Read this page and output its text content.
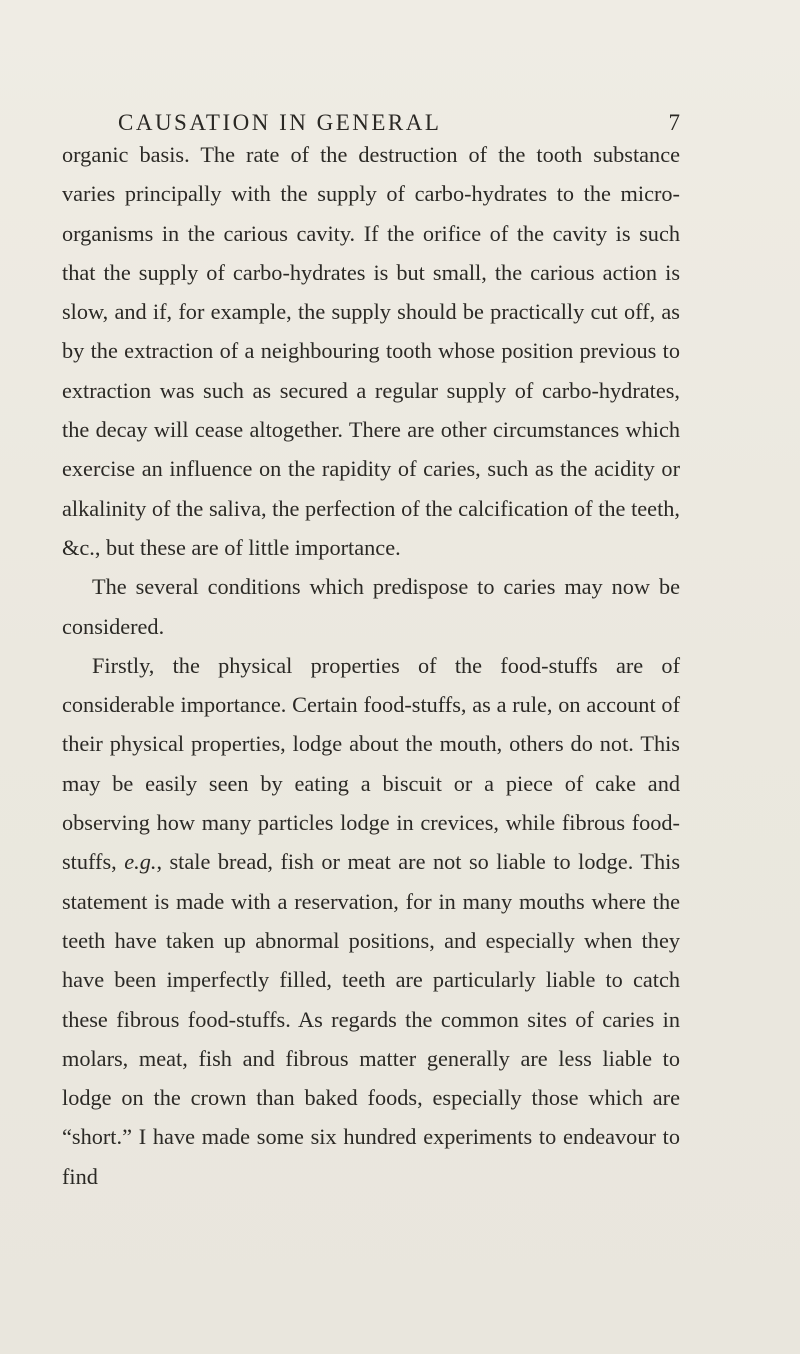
CAUSATION IN GENERAL	7

organic basis. The rate of the destruction of the tooth substance varies principally with the supply of carbo-hydrates to the micro-organisms in the carious cavity. If the orifice of the cavity is such that the supply of carbo-hydrates is but small, the carious action is slow, and if, for example, the supply should be practically cut off, as by the extraction of a neighbouring tooth whose position previous to extraction was such as secured a regular supply of carbo-hydrates, the decay will cease altogether. There are other circumstances which exercise an influence on the rapidity of caries, such as the acidity or alkalinity of the saliva, the perfection of the calcification of the teeth, &c., but these are of little importance.

The several conditions which predispose to caries may now be considered.

Firstly, the physical properties of the food-stuffs are of considerable importance. Certain food-stuffs, as a rule, on account of their physical properties, lodge about the mouth, others do not. This may be easily seen by eating a biscuit or a piece of cake and observing how many particles lodge in crevices, while fibrous food-stuffs, e.g., stale bread, fish or meat are not so liable to lodge. This statement is made with a reservation, for in many mouths where the teeth have taken up abnormal positions, and especially when they have been imperfectly filled, teeth are particularly liable to catch these fibrous food-stuffs. As regards the common sites of caries in molars, meat, fish and fibrous matter generally are less liable to lodge on the crown than baked foods, especially those which are “short.” I have made some six hundred experiments to endeavour to find
